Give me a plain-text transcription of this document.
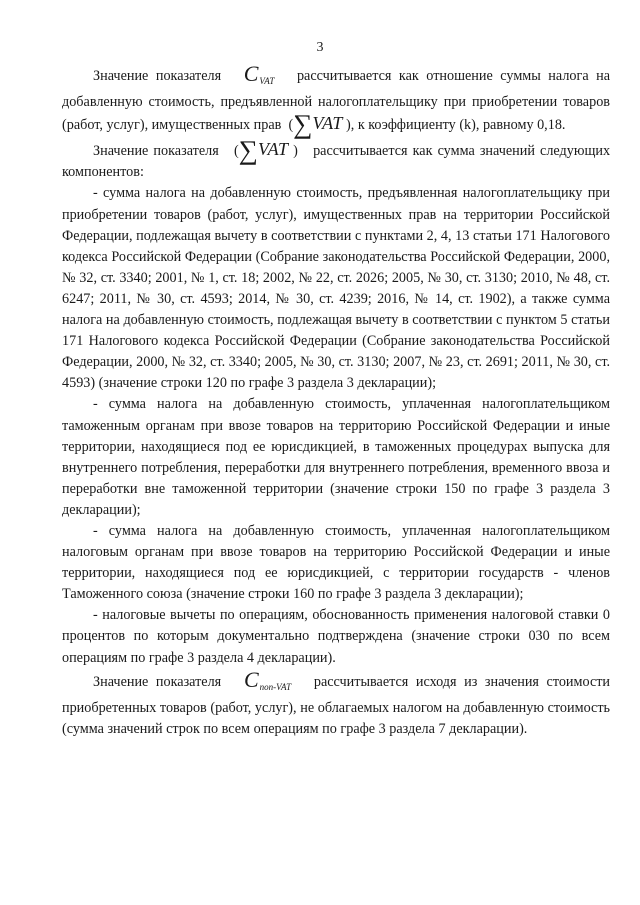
3

Значение показателя $C_{VAT}$ рассчитывается как отношение суммы налога на добавленную стоимость, предъявленной налогоплательщику при приобретении товаров (работ, услуг), имущественных прав (∑VAT ), к коэффициенту (k), равному 0,18.

Значение показателя (∑VAT ) рассчитывается как сумма значений следующих компонентов:

- сумма налога на добавленную стоимость, предъявленная налогоплательщику при приобретении товаров (работ, услуг), имущественных прав на территории Российской Федерации, подлежащая вычету в соответствии с пунктами 2, 4, 13 статьи 171 Налогового кодекса Российской Федерации (Собрание законодательства Российской Федерации, 2000, № 32, ст. 3340; 2001, № 1, ст. 18; 2002, № 22, ст. 2026; 2005, № 30, ст. 3130; 2010, № 48, ст. 6247; 2011, № 30, ст. 4593; 2014, № 30, ст. 4239; 2016, № 14, ст. 1902), а также сумма налога на добавленную стоимость, подлежащая вычету в соответствии с пунктом 5 статьи 171 Налогового кодекса Российской Федерации (Собрание законодательства Российской Федерации, 2000, № 32, ст. 3340; 2005, № 30, ст. 3130; 2007, № 23, ст. 2691; 2011, № 30, ст. 4593) (значение строки 120 по графе 3 раздела 3 декларации);

- сумма налога на добавленную стоимость, уплаченная налогоплательщиком таможенным органам при ввозе товаров на территорию Российской Федерации и иные территории, находящиеся под ее юрисдикцией, в таможенных процедурах выпуска для внутреннего потребления, переработки для внутреннего потребления, временного ввоза и переработки вне таможенной территории (значение строки 150 по графе 3 раздела 3 декларации);

- сумма налога на добавленную стоимость, уплаченная налогоплательщиком налоговым органам при ввозе товаров на территорию Российской Федерации и иные территории, находящиеся под ее юрисдикцией, с территории государств - членов Таможенного союза (значение строки 160 по графе 3 раздела 3 декларации);

- налоговые вычеты по операциям, обоснованность применения налоговой ставки 0 процентов по которым документально подтверждена (значение строки 030 по всем операциям по графе 3 раздела 4 декларации).

Значение показателя $C_{non-VAT}$ рассчитывается исходя из значения стоимости приобретенных товаров (работ, услуг), не облагаемых налогом на добавленную стоимость (сумма значений строк по всем операциям по графе 3 раздела 7 декларации).
